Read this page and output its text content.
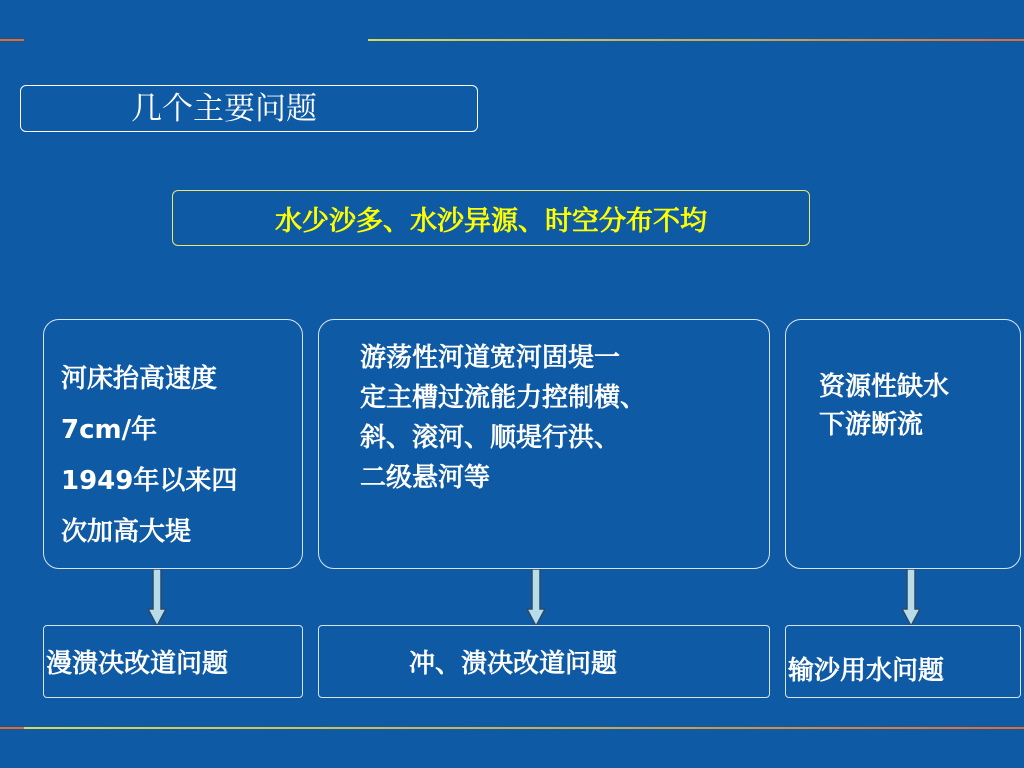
几个主要问题
水少沙多、水沙异源、时空分布不均
河床抬高速度
7cm/年
1949年以来四
次加高大堤
游荡性河道宽河固堤一
定主槽过流能力控制横、
斜、滚河、顺堤行洪、
二级悬河等
资源性缺水
下游断流
漫溃决改道问题	冲、溃决改道问题	输沙用水问题
